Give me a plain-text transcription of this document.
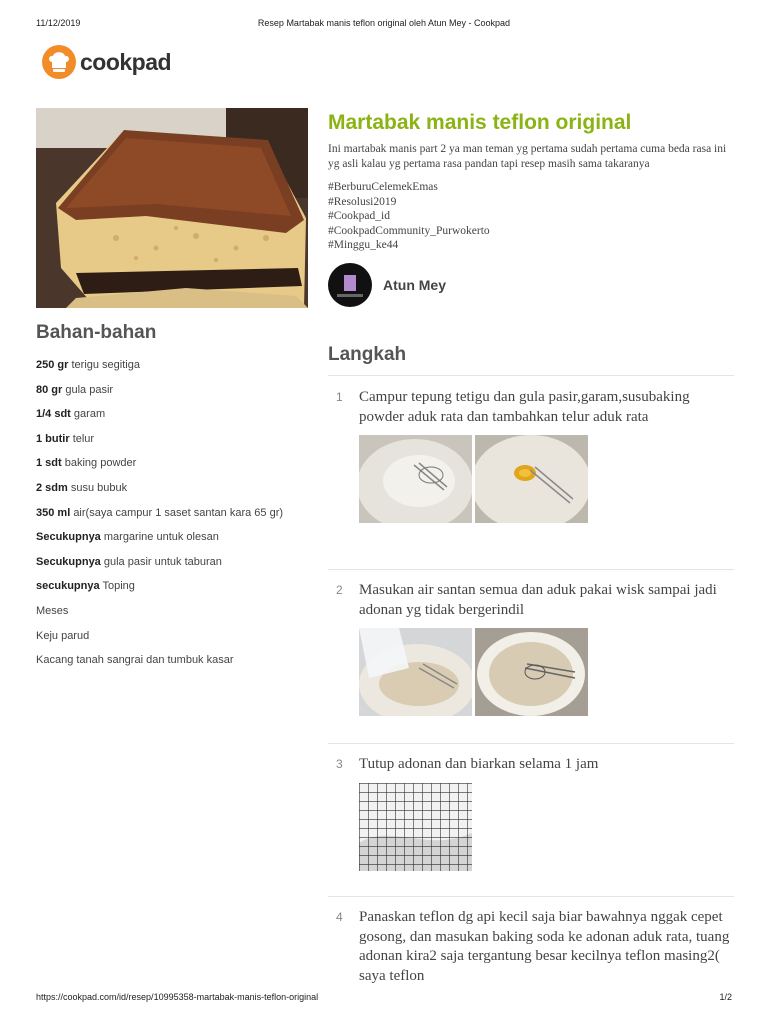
11/12/2019	Resep Martabak manis teflon original oleh Atun Mey - Cookpad
cookpad
Bahan-bahan
250 gr terigu segitiga
80 gr gula pasir
1/4 sdt garam
1 butir telur
1 sdt baking powder
2 sdm susu bubuk
350 ml air(saya campur 1 saset santan kara 65 gr)
Secukupnya margarine untuk olesan
Secukupnya gula pasir untuk taburan
secukupnya Toping
Meses
Keju parud
Kacang tanah sangrai dan tumbuk kasar
Martabak manis teflon original

Ini martabak manis part 2 ya man teman yg pertama sudah pertama cuma beda rasa ini yg asli kalau yg pertama rasa pandan tapi resep masih sama takaranya

#BerburuCelemekEmas
#Resolusi2019
#Cookpad_id
#CookpadCommunity_Purwokerto
#Minggu_ke44
Atun Mey
Langkah
1 Campur tepung tetigu dan gula pasir,garam,susubaking powder aduk rata dan tambahkan telur aduk rata
2 Masukan air santan semua dan aduk pakai wisk sampai jadi adonan yg tidak bergerindil
3 Tutup adonan dan biarkan selama 1 jam
4 Panaskan teflon dg api kecil saja biar bawahnya nggak cepet gosong, dan masukan baking soda ke adonan aduk rata, tuang adonan kira2 saja tergantung besar kecilnya teflon masing2( saya teflon
https://cookpad.com/id/resep/10995358-martabak-manis-teflon-original	1/2
